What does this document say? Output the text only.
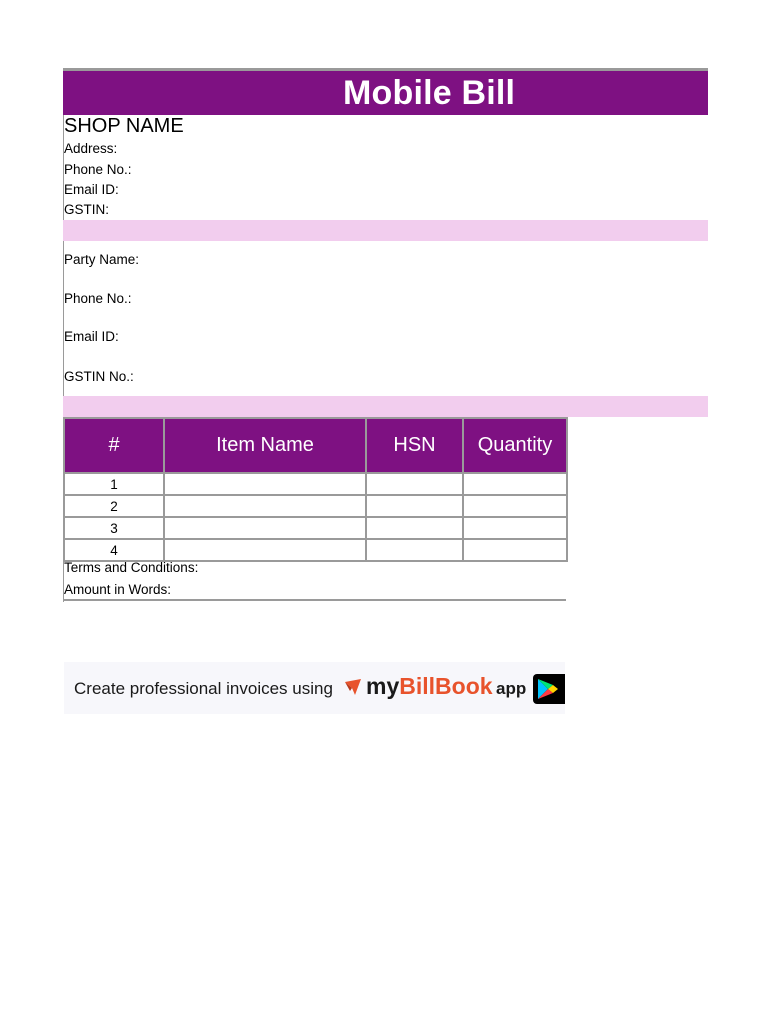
Mobile Bill
SHOP NAME
Address:
Phone No.:
Email ID:
GSTIN:
Party Name:
Phone No.:
Email ID:
GSTIN No.:
#	Item Name	HSN	Quantity
1			
2			
3			
4			
Terms and Conditions:
Amount in Words:
Create professional invoices using myBillBook app
